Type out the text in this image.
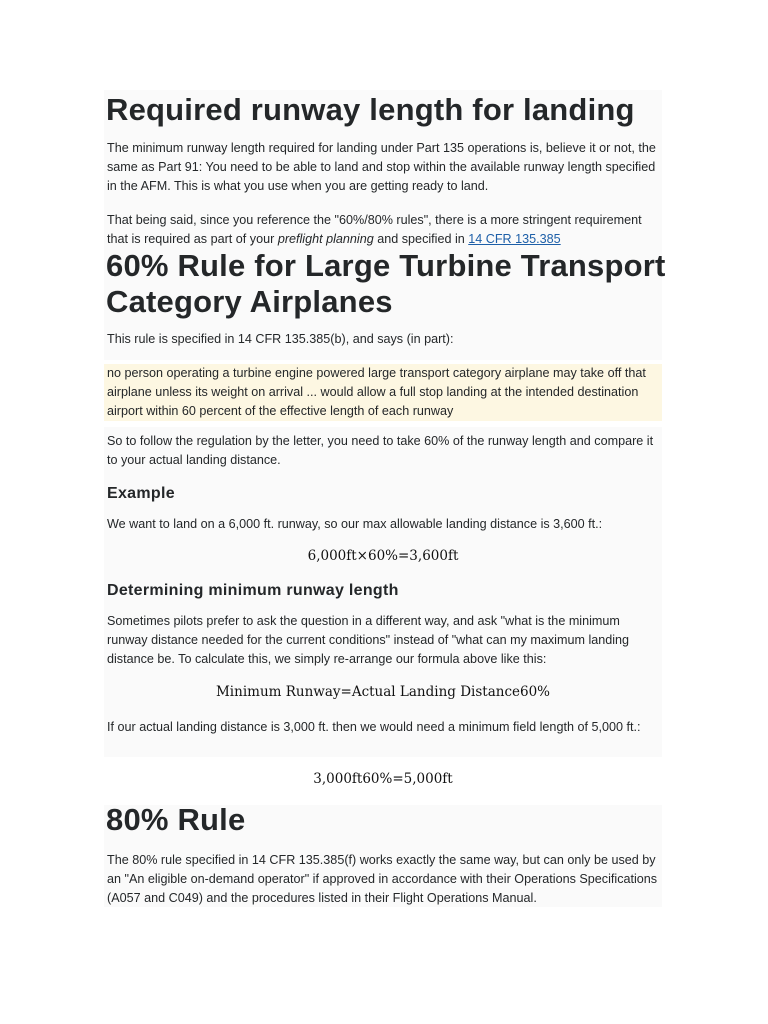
Required runway length for landing

The minimum runway length required for landing under Part 135 operations is, believe it or not, the same as Part 91: You need to be able to land and stop within the available runway length specified in the AFM. This is what you use when you are getting ready to land.

That being said, since you reference the "60%/80% rules", there is a more stringent requirement that is required as part of your preflight planning and specified in 14 CFR 135.385

60% Rule for Large Turbine Transport
Category Airplanes

This rule is specified in 14 CFR 135.385(b), and says (in part):

no person operating a turbine engine powered large transport category airplane may take off that airplane unless its weight on arrival ... would allow a full stop landing at the intended destination airport within 60 percent of the effective length of each runway

So to follow the regulation by the letter, you need to take 60% of the runway length and compare it to your actual landing distance.

Example

We want to land on a 6,000 ft. runway, so our max allowable landing distance is 3,600 ft.:

6,000ft×60%=3,600ft
Determining minimum runway length

Sometimes pilots prefer to ask the question in a different way, and ask "what is the minimum runway distance needed for the current conditions" instead of "what can my maximum landing distance be. To calculate this, we simply re-arrange our formula above like this:

Minimum Runway=Actual Landing Distance60%

If our actual landing distance is 3,000 ft. then we would need a minimum field length of 5,000 ft.:

3,000ft60%=5,000ft
80% Rule

The 80% rule specified in 14 CFR 135.385(f) works exactly the same way, but can only be used by an "An eligible on-demand operator" if approved in accordance with their Operations Specifications (A057 and C049) and the procedures listed in their Flight Operations Manual.
